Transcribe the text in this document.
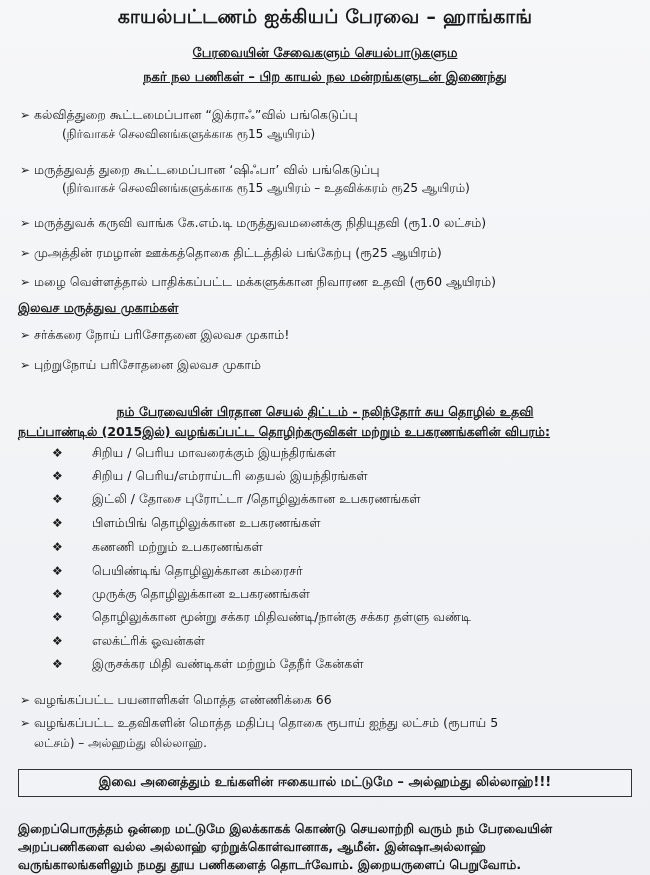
காயல்பட்டணம் ஐக்கியப் பேரவை – ஹாங்காங்
பேரவையின் சேவைகளும் செயல்பாடுகளும
நகர் நல பணிகள் – பிற காயல் நல மன்றங்களுடன் இணைந்து
➢ கல்வித்துறை கூட்டமைப்பான “இக்ராஃ”வில் பங்கெடுப்பு
(நிர்வாகச் செலவினங்களுக்காக ரூ15 ஆயிரம்)
➢ மருத்துவத் துறை கூட்டமைப்பான ‘ஷிஃபா’ வில் பங்கெடுப்பு
(நிர்வாகச் செலவினங்களுக்காக ரூ15 ஆயிரம் – உதவிக்கரம் ரூ25 ஆயிரம்)
➢ மருத்துவக் கருவி வாங்க கே.எம்.டி மருத்துவமனைக்கு நிதியுதவி (ரூ1.0 லட்சம்)
➢ முஅத்தின் ரமழான் ஊக்கத்தொகை திட்டத்தில் பங்கேற்பு (ரூ25 ஆயிரம்)
➢ மழை வெள்ளத்தால் பாதிக்கப்பட்ட மக்களுக்கான நிவாரண உதவி (ரூ60 ஆயிரம்)
இலவச மருத்துவ முகாம்கள்
➢ சர்க்கரை நோய் பரிசோதனை இலவச முகாம்!
➢ புற்றுநோய் பரிசோதனை இலவச முகாம்
நம் பேரவையின் பிரதான செயல் திட்டம் - நலிந்தோர் சுய தொழில் உதவி
நடப்பாண்டில் (2015இல்) வழங்கப்பட்ட தொழிற்கருவிகள் மற்றும் உபகரணங்களின் விபரம்:
❖ சிறிய / பெரிய மாவரைக்கும் இயந்திரங்கள்
❖ சிறிய / பெரிய/எம்ராய்டரி தையல் இயந்திரங்கள்
❖ இட்லி / தோசை புரோட்டா /தொழிலுக்கான உபகரணங்கள்
❖ பிளம்பிங் தொழிலுக்கான உபகரணங்கள்
❖ கணணி மற்றும் உபகரணங்கள்
❖ பெயிண்டிங் தொழிலுக்கான கம்ரைசர்
❖ முருக்கு தொழிலுக்கான உபகரணங்கள்
❖ தொழிலுக்கான மூன்று சக்கர மிதிவண்டி/நான்கு சக்கர தள்ளு வண்டி
❖ எலக்ட்ரிக் ஓவன்கள்
❖ இருசக்கர மிதி வண்டிகள் மற்றும் தேநீர் கேன்கள்
➢ வழங்கப்பட்ட பயனாளிகள் மொத்த எண்ணிக்கை 66
➢ வழங்கப்பட்ட உதவிகளின் மொத்த மதிப்பு தொகை ரூபாய் ஐந்து லட்சம் (ரூபாய் 5
லட்சம்) – அல்ஹம்து லில்லாஹ்.
இவை அனைத்தும் உங்களின் ஈகையால் மட்டுமே – அல்ஹம்து லில்லாஹ்!!!
இறைப்பொருத்தம் ஒன்றை மட்டுமே இலக்காகக் கொண்டு செயலாற்றி வரும் நம் பேரவையின்
அறப்பணிகளை வல்ல அல்லாஹ் ஏற்றுக்கொள்வானாக, ஆமீன். இன்ஷாஅல்லாஹ்
வருங்காலங்களிலும் நமது தூய பணிகளைத் தொடர்வோம். இறையருளைப் பெறுவோம்.
